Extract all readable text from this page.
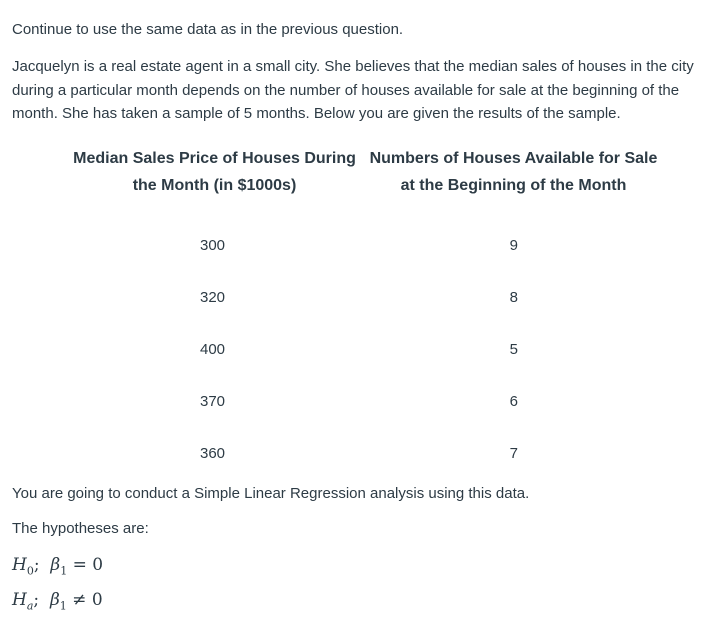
Continue to use the same data as in the previous question.

Jacquelyn is a real estate agent in a small city. She believes that the median sales of houses in the city during a particular month depends on the number of houses available for sale at the beginning of the month. She has taken a sample of 5 months. Below you are given the results of the sample.

Median Sales Price of Houses During the Month (in $1000s)	Numbers of Houses Available for Sale at the Beginning of the Month
300	9
320	8
400	5
370	6
360	7

You are going to conduct a Simple Linear Regression analysis using this data.

The hypotheses are:

$H_0$; $\beta_1 = 0$
$H_a$; $\beta_1 \ne 0$
